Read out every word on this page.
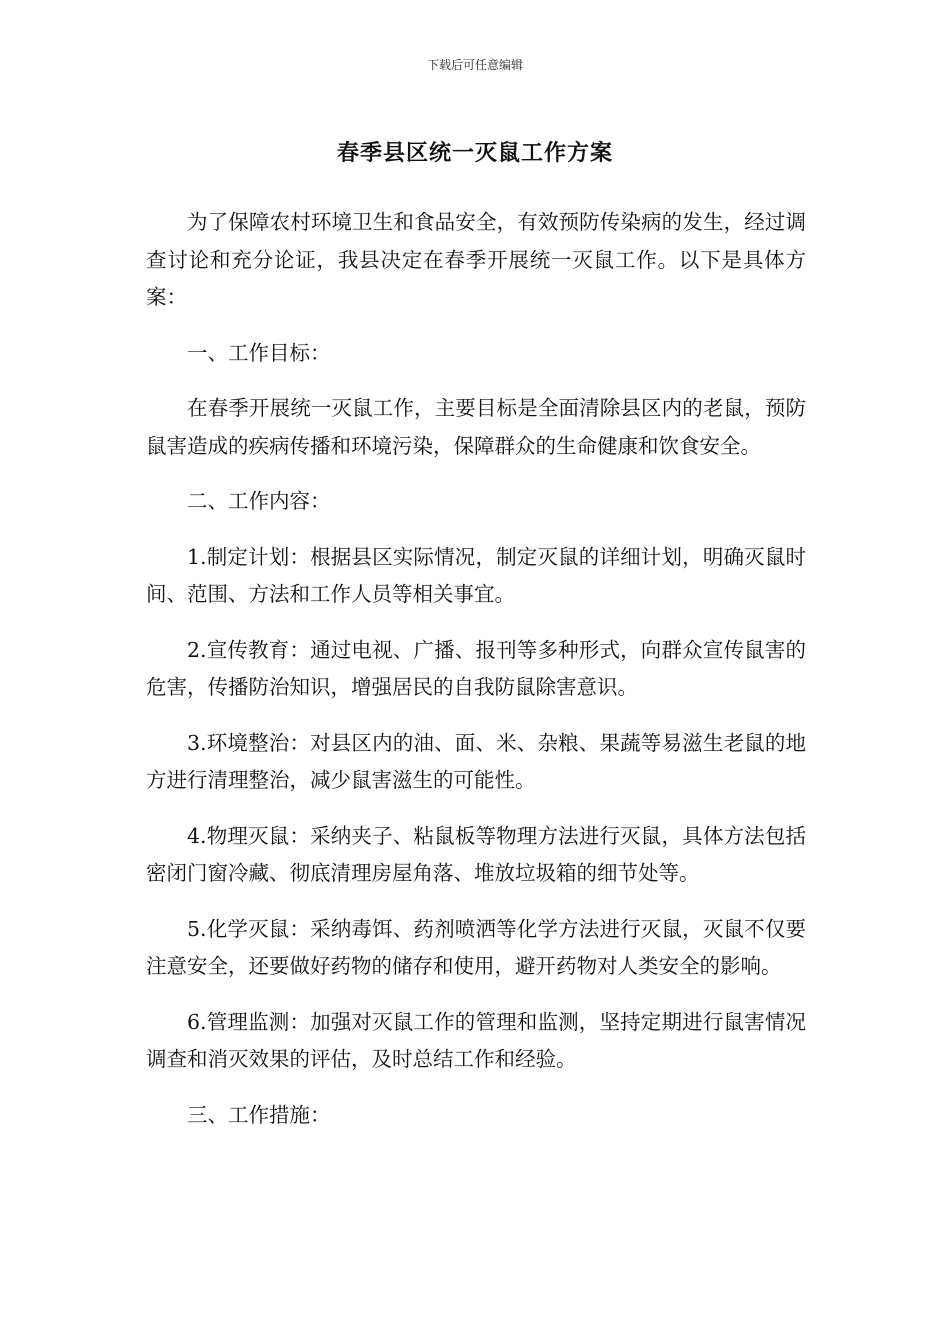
下载后可任意编辑
春季县区统一灭鼠工作方案

为了保障农村环境卫生和食品安全，有效预防传染病的发生，经过调查讨论和充分论证，我县决定在春季开展统一灭鼠工作。以下是具体方案：

一、工作目标：

在春季开展统一灭鼠工作，主要目标是全面清除县区内的老鼠，预防鼠害造成的疾病传播和环境污染，保障群众的生命健康和饮食安全。

二、工作内容：

1.制定计划：根据县区实际情况，制定灭鼠的详细计划，明确灭鼠时间、范围、方法和工作人员等相关事宜。

2.宣传教育：通过电视、广播、报刊等多种形式，向群众宣传鼠害的危害，传播防治知识，增强居民的自我防鼠除害意识。

3.环境整治：对县区内的油、面、米、杂粮、果蔬等易滋生老鼠的地方进行清理整治，减少鼠害滋生的可能性。

4.物理灭鼠：采纳夹子、粘鼠板等物理方法进行灭鼠，具体方法包括密闭门窗冷藏、彻底清理房屋角落、堆放垃圾箱的细节处等。

5.化学灭鼠：采纳毒饵、药剂喷洒等化学方法进行灭鼠，灭鼠不仅要注意安全，还要做好药物的储存和使用，避开药物对人类安全的影响。

6.管理监测：加强对灭鼠工作的管理和监测，坚持定期进行鼠害情况调查和消灭效果的评估，及时总结工作和经验。

三、工作措施：
